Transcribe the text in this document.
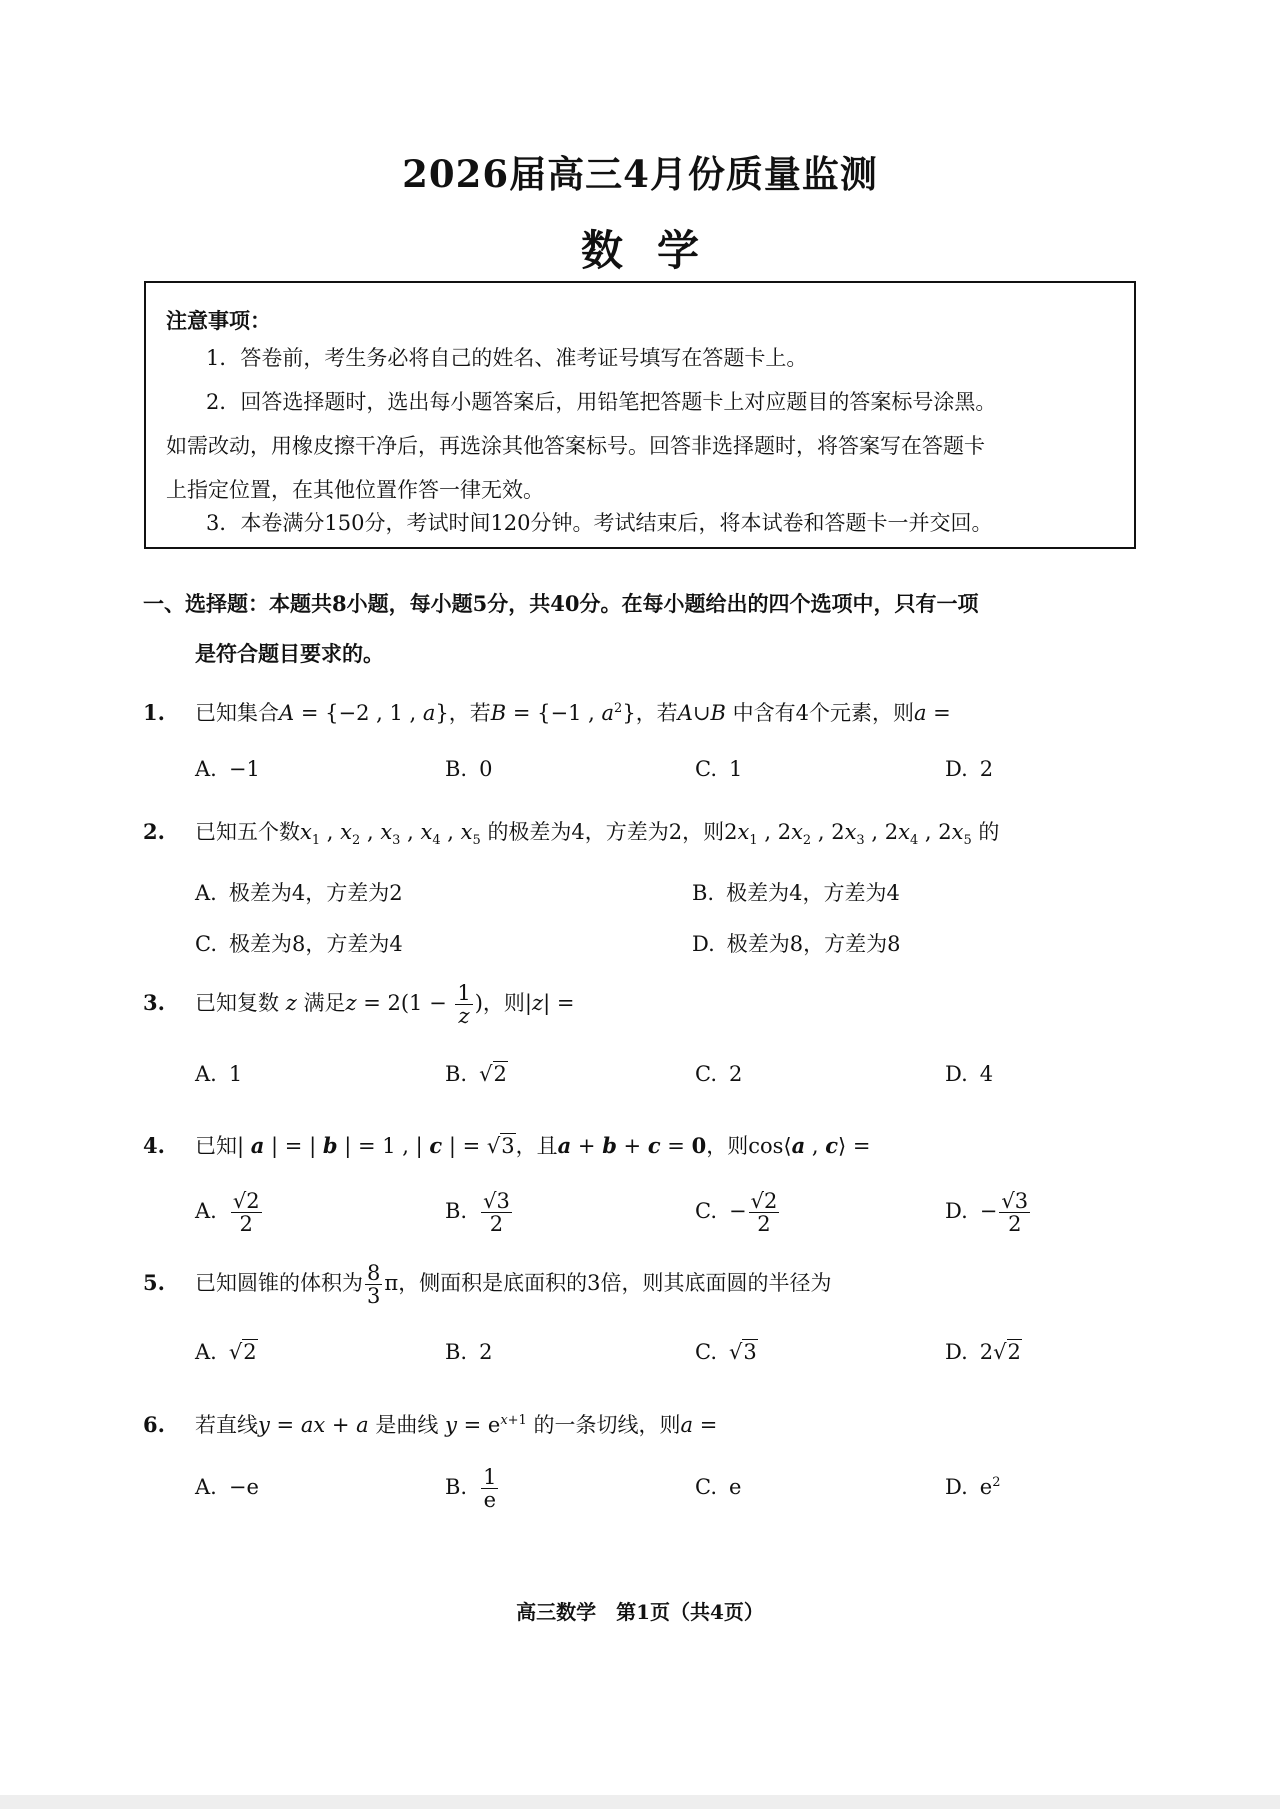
2026届高三4月份质量监测
数学
注意事项：
1．答卷前，考生务必将自己的姓名、准考证号填写在答题卡上。
2．回答选择题时，选出每小题答案后，用铅笔把答题卡上对应题目的答案标号涂黑。
如需改动，用橡皮擦干净后，再选涂其他答案标号。回答非选择题时，将答案写在答题卡
上指定位置，在其他位置作答一律无效。
3．本卷满分150分，考试时间120分钟。考试结束后，将本试卷和答题卡一并交回。
一、选择题：本题共8小题，每小题5分，共40分。在每小题给出的四个选项中，只有一项
是符合题目要求的。
1. 已知集合A = {−2 , 1 , a}，若B = {−1 , $a^2$}，若A∪B 中含有4个元素，则a =
A. −1	B. 0	C. 1	D. 2
2. 已知五个数$x_1$ , $x_2$ , $x_3$ , $x_4$ , $x_5$ 的极差为4，方差为2，则$2x_1$ , $2x_2$ , $2x_3$ , $2x_4$ , $2x_5$ 的
A. 极差为4，方差为2	B. 极差为4，方差为4
C. 极差为8，方差为4	D. 极差为8，方差为8
3. 已知复数 z 满足$z = 2(1 - \frac{1}{z}$ )，则|z| =
A. 1	B. √2	C. 2	D. 4
4. 已知| a | = | b | = 1 , | c | = √3，且a + b + c = 0，则cos⟨a , c⟩ =
A. $\frac{√2}{2}$	B. $\frac{√3}{2}$	C. − $\frac{√2}{2}$	D. − $\frac{√3}{2}$
5. 已知圆锥的体积为 $\frac{8}{3}$ π，侧面积是底面积的3倍，则其底面圆的半径为
A. √2	B. 2	C. √3	D. 2√2
6. 若直线y = ax + a 是曲线 $y = e^{x+1}$ 的一条切线，则a =
A. −e	B. $\frac{1}{e}$	C. e	D. $e^2$
高三数学　第1页（共4页）
